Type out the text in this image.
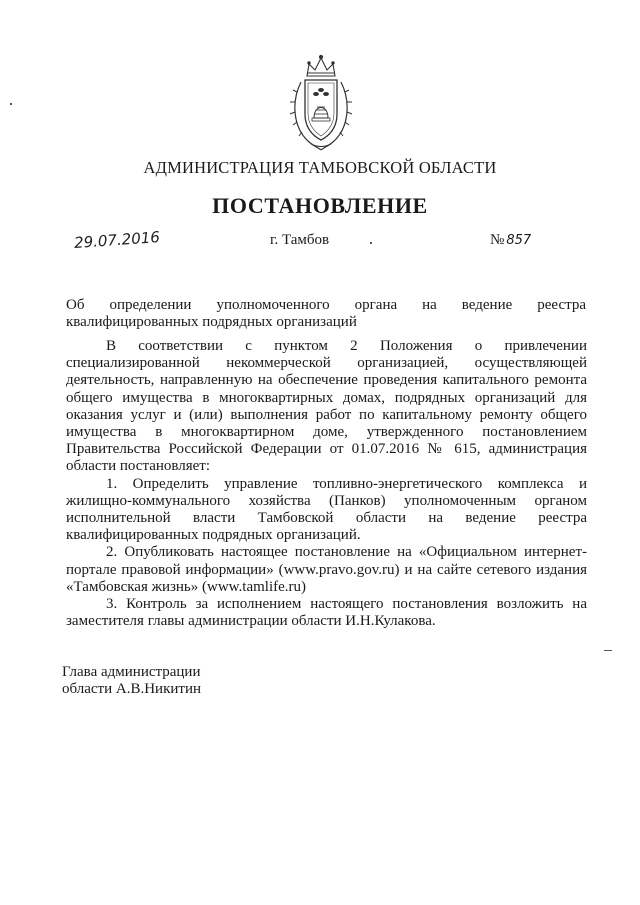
АДМИНИСТРАЦИЯ ТАМБОВСКОЙ ОБЛАСТИ
ПОСТАНОВЛЕНИЕ
29.07.2016	г. Тамбов	№ 857
Об определении уполномоченного органа на ведение реестра
квалифицированных подрядных организаций

В соответствии с пунктом 2 Положения о привлечении специализированной некоммерческой организацией, осуществляющей деятельность, направленную на обеспечение проведения капитального ремонта общего имущества в многоквартирных домах, подрядных организаций для оказания услуг и (или) выполнения работ по капитальному ремонту общего имущества в многоквартирном доме, утвержденного постановлением Правительства Российской Федерации от 01.07.2016 № 615, администрация области постановляет:

1. Определить управление топливно-энергетического комплекса и жилищно-коммунального хозяйства (Панков) уполномоченным органом исполнительной власти Тамбовской области на ведение реестра квалифицированных подрядных организаций.

2. Опубликовать настоящее постановление на «Официальном интернет-портале правовой информации» (www.pravo.gov.ru) и на сайте сетевого издания «Тамбовская жизнь» (www.tamlife.ru)

3. Контроль за исполнением настоящего постановления возложить на заместителя главы администрации области И.Н.Кулакова.

Глава администрации
области А.В.Никитин
